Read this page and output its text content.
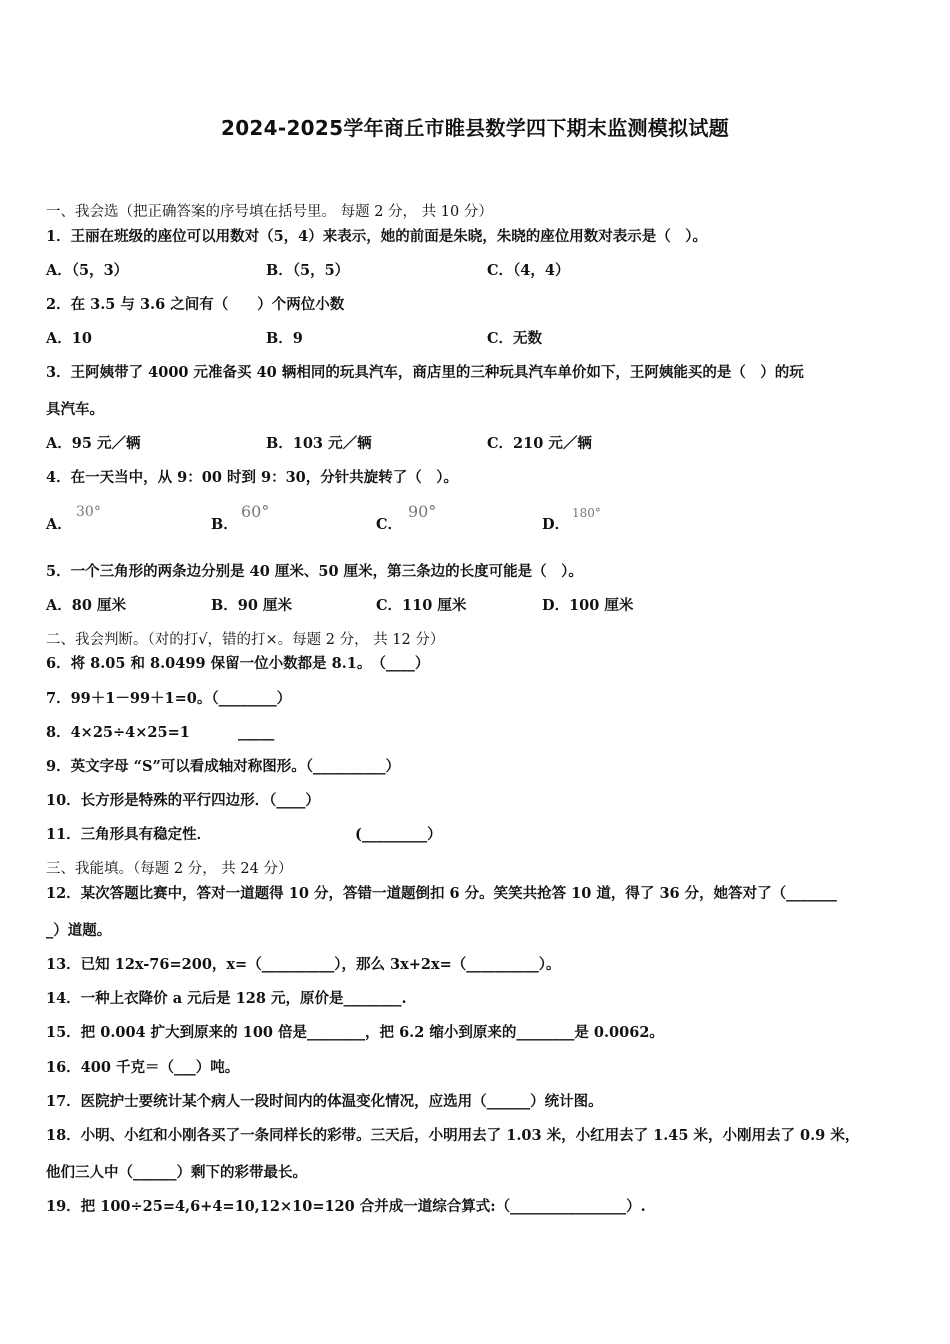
2024-2025学年商丘市睢县数学四下期末监测模拟试题
一、我会选（把正确答案的序号填在括号里。 每题 2 分， 共 10 分）
1．王丽在班级的座位可以用数对（5，4）来表示，她的前面是朱晓，朱晓的座位用数对表示是（　）。
A．（5，3）	B．（5，5）	C．（4，4）
2．在 3.5 与 3.6 之间有（　　）个两位小数
A．10	B．9	C．无数
3．王阿姨带了 4000 元准备买 40 辆相同的玩具汽车，商店里的三种玩具汽车单价如下，王阿姨能买的是（　）的玩
具汽车。
A．95 元／辆	B．103 元／辆	C．210 元／辆
4．在一天当中，从 9：00 时到 9：30，分针共旋转了（　）。
A．
30°
B．
60°
C．
90°
D．
180°
5．一个三角形的两条边分别是 40 厘米、50 厘米，第三条边的长度可能是（　）。
A．80 厘米	B．90 厘米	C．110 厘米	D．100 厘米
二、我会判断。（对的打√，错的打×。每题 2 分， 共 12 分）
6．将 8.05 和 8.0499 保留一位小数都是 8.1。　（____）
7．99＋1－99＋1=0。（________）
8．4×25÷4×25=1	_____
9．英文字母 “S”可以看成轴对称图形。（__________）
10．长方形是特殊的平行四边形．（____）
11．三角形具有稳定性．	(_________）
三、我能填。（每题 2 分， 共 24 分）
12．某次答题比赛中，答对一道题得 10 分，答错一道题倒扣 6 分。笑笑共抢答 10 道，得了 36 分，她答对了（_______
_）道题。
13．已知 12x-76=200，x=（__________），那么 3x+2x=（__________）。
14．一种上衣降价 a 元后是 128 元，原价是________.
15．把 0.004 扩大到原来的 100 倍是________，把 6.2 缩小到原来的________是 0.0062。
16．400 千克＝（___）吨。
17．医院护士要统计某个病人一段时间内的体温变化情况，应选用（______）统计图。
18．小明、小红和小刚各买了一条同样长的彩带。三天后，小明用去了 1.03 米，小红用去了 1.45 米，小刚用去了 0.9 米，
他们三人中（______）剩下的彩带最长。
19．把 100÷25=4,6+4=10,12×10=120 合并成一道综合算式:（________________）.
